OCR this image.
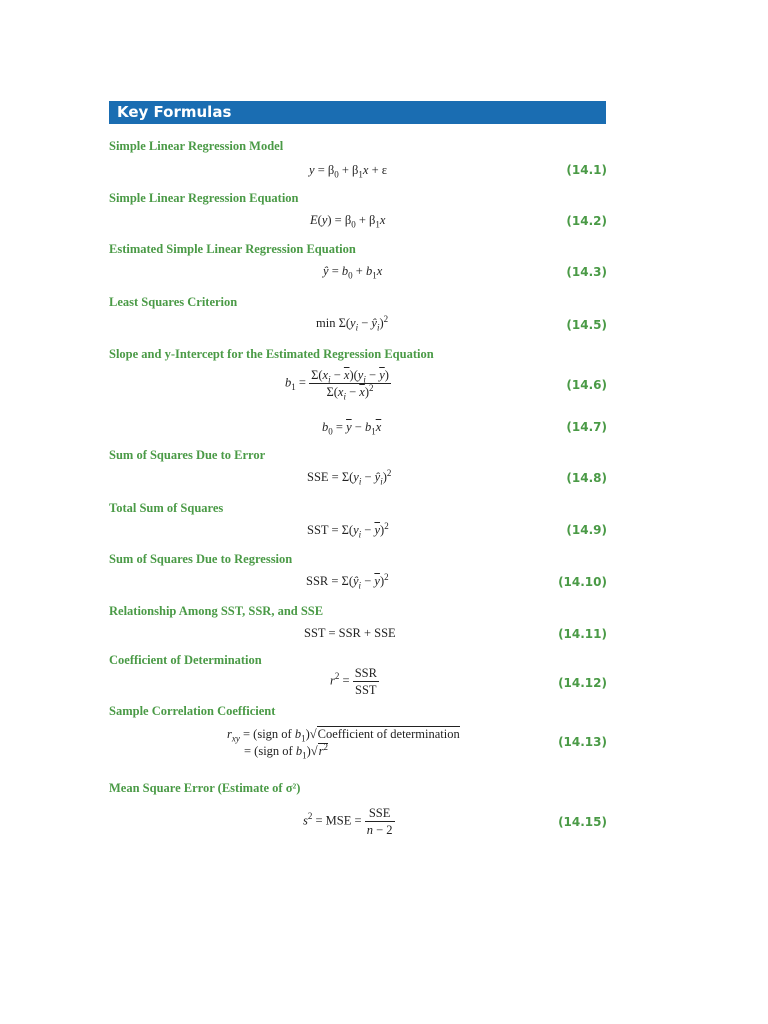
Key Formulas
Simple Linear Regression Model
$y = \beta_0 + \beta_1x + \varepsilon$	(14.1)
Simple Linear Regression Equation
$E(y) = \beta_0 + \beta_1x$	(14.2)
Estimated Simple Linear Regression Equation
ŷ = $b_0 + b_1x$	(14.3)
Least Squares Criterion
$\min \Sigma(y_i$ − $ŷ_i)^2$	(14.5)
Slope and y-Intercept for the Estimated Regression Equation
$b_1 = \frac{\Sigma(x_i - \overline{x})(y_i - \overline{y})}{\Sigma(x_i - \overline{x})^2}$	(14.6)
$b_0 = \overline{y} - b_1\overline{x}$	(14.7)
Sum of Squares Due to Error
SSE = $\Sigma(y_i$ − $ŷ_i)^2$	(14.8)
Total Sum of Squares
SST = $\Sigma(y_i - \overline{y})^2$	(14.9)
Sum of Squares Due to Regression
SSR = $\Sigma(ŷ_i - \overline{y})^2$	(14.10)
Relationship Among SST, SSR, and SSE
SST = SSR + SSE	(14.11)
Coefficient of Determination
$r^2 = \frac{\text{SSR}}{\text{SST}}$	(14.12)
Sample Correlation Coefficient
$r_{xy}$ = (sign of $b_1)√Coefficient$ of determination
= (sign of $b_1)√r^2$	(14.13)
Mean Square Error (Estimate of σ²)
$s^2$ = MSE = $\frac{\text{SSE}}{n - 2}$	(14.15)
